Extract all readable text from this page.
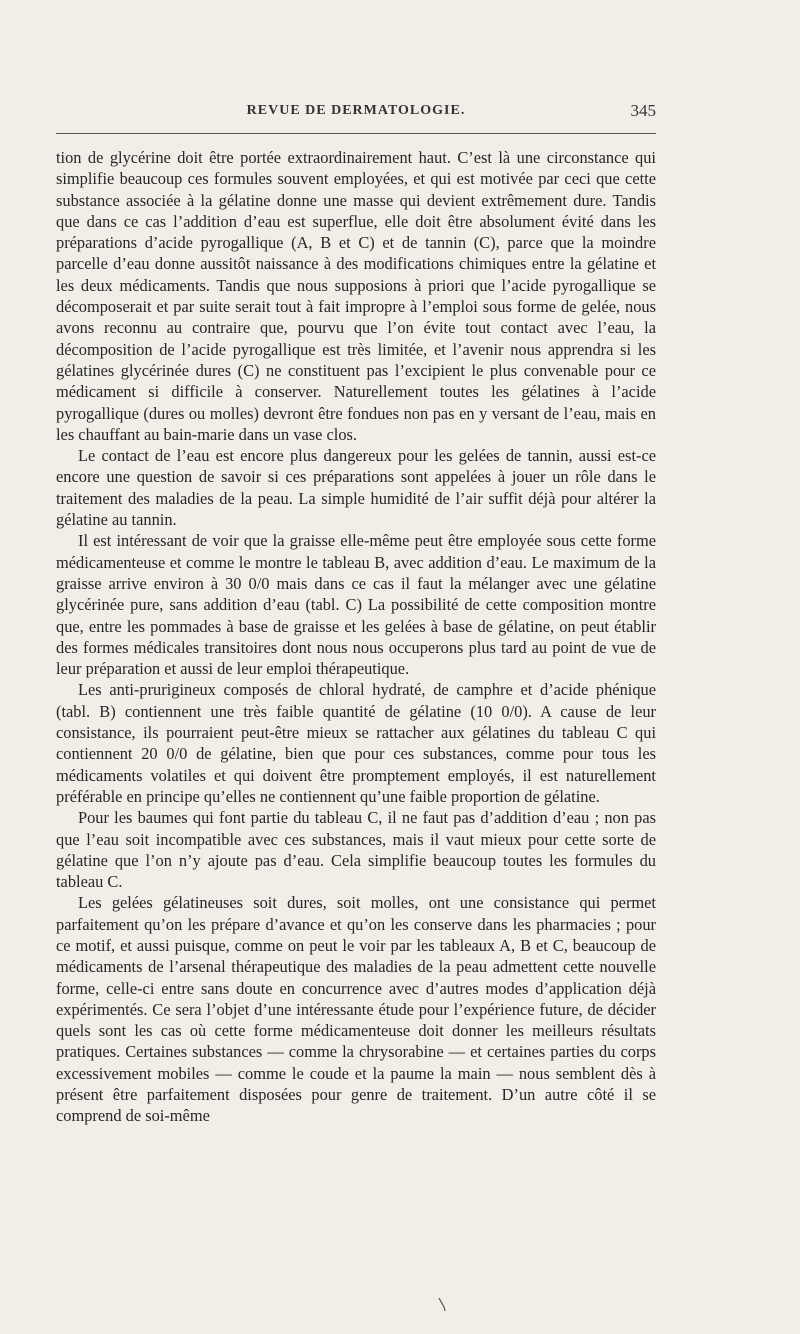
REVUE DE DERMATOLOGIE.	345

tion de glycérine doit être portée extraordinairement haut. C’est là une circonstance qui simplifie beaucoup ces formules souvent employées, et qui est motivée par ceci que cette substance associée à la gélatine donne une masse qui devient extrêmement dure. Tandis que dans ce cas l’addition d’eau est superflue, elle doit être absolument évité dans les préparations d’acide pyrogallique (A, B et C) et de tannin (C), parce que la moindre parcelle d’eau donne aussitôt naissance à des modifications chimiques entre la gélatine et les deux médicaments. Tandis que nous supposions à priori que l’acide pyrogallique se décomposerait et par suite serait tout à fait impropre à l’emploi sous forme de gelée, nous avons reconnu au contraire que, pourvu que l’on évite tout contact avec l’eau, la décomposition de l’acide pyrogallique est très limitée, et l’avenir nous apprendra si les gélatines glycérinée dures (C) ne constituent pas l’excipient le plus convenable pour ce médicament si difficile à conserver. Naturellement toutes les gélatines à l’acide pyrogallique (dures ou molles) devront être fondues non pas en y versant de l’eau, mais en les chauffant au bain-marie dans un vase clos.

Le contact de l’eau est encore plus dangereux pour les gelées de tannin, aussi est-ce encore une question de savoir si ces préparations sont appelées à jouer un rôle dans le traitement des maladies de la peau. La simple humidité de l’air suffit déjà pour altérer la gélatine au tannin.

Il est intéressant de voir que la graisse elle-même peut être employée sous cette forme médicamenteuse et comme le montre le tableau B, avec addition d’eau. Le maximum de la graisse arrive environ à 30 0/0 mais dans ce cas il faut la mélanger avec une gélatine glycérinée pure, sans addition d’eau (tabl. C) La possibilité de cette composition montre que, entre les pommades à base de graisse et les gelées à base de gélatine, on peut établir des formes médicales transitoires dont nous nous occuperons plus tard au point de vue de leur préparation et aussi de leur emploi thérapeutique.

Les anti-prurigineux composés de chloral hydraté, de camphre et d’acide phénique (tabl. B) contiennent une très faible quantité de gélatine (10 0/0). A cause de leur consistance, ils pourraient peut-être mieux se rattacher aux gélatines du tableau C qui contiennent 20 0/0 de gélatine, bien que pour ces substances, comme pour tous les médicaments volatiles et qui doivent être promptement employés, il est naturellement préférable en principe qu’elles ne contiennent qu’une faible proportion de gélatine.

Pour les baumes qui font partie du tableau C, il ne faut pas d’addition d’eau ; non pas que l’eau soit incompatible avec ces substances, mais il vaut mieux pour cette sorte de gélatine que l’on n’y ajoute pas d’eau. Cela simplifie beaucoup toutes les formules du tableau C.

Les gelées gélatineuses soit dures, soit molles, ont une consistance qui permet parfaitement qu’on les prépare d’avance et qu’on les conserve dans les pharmacies ; pour ce motif, et aussi puisque, comme on peut le voir par les tableaux A, B et C, beaucoup de médicaments de l’arsenal thérapeutique des maladies de la peau admettent cette nouvelle forme, celle-ci entre sans doute en concurrence avec d’autres modes d’application déjà expérimentés. Ce sera l’objet d’une intéressante étude pour l’expérience future, de décider quels sont les cas où cette forme médicamenteuse doit donner les meilleurs résultats pratiques. Certaines substances — comme la chrysorabine — et certaines parties du corps excessivement mobiles — comme le coude et la paume la main — nous semblent dès à présent être parfaitement disposées pour genre de traitement. D’un autre côté il se comprend de soi-même
